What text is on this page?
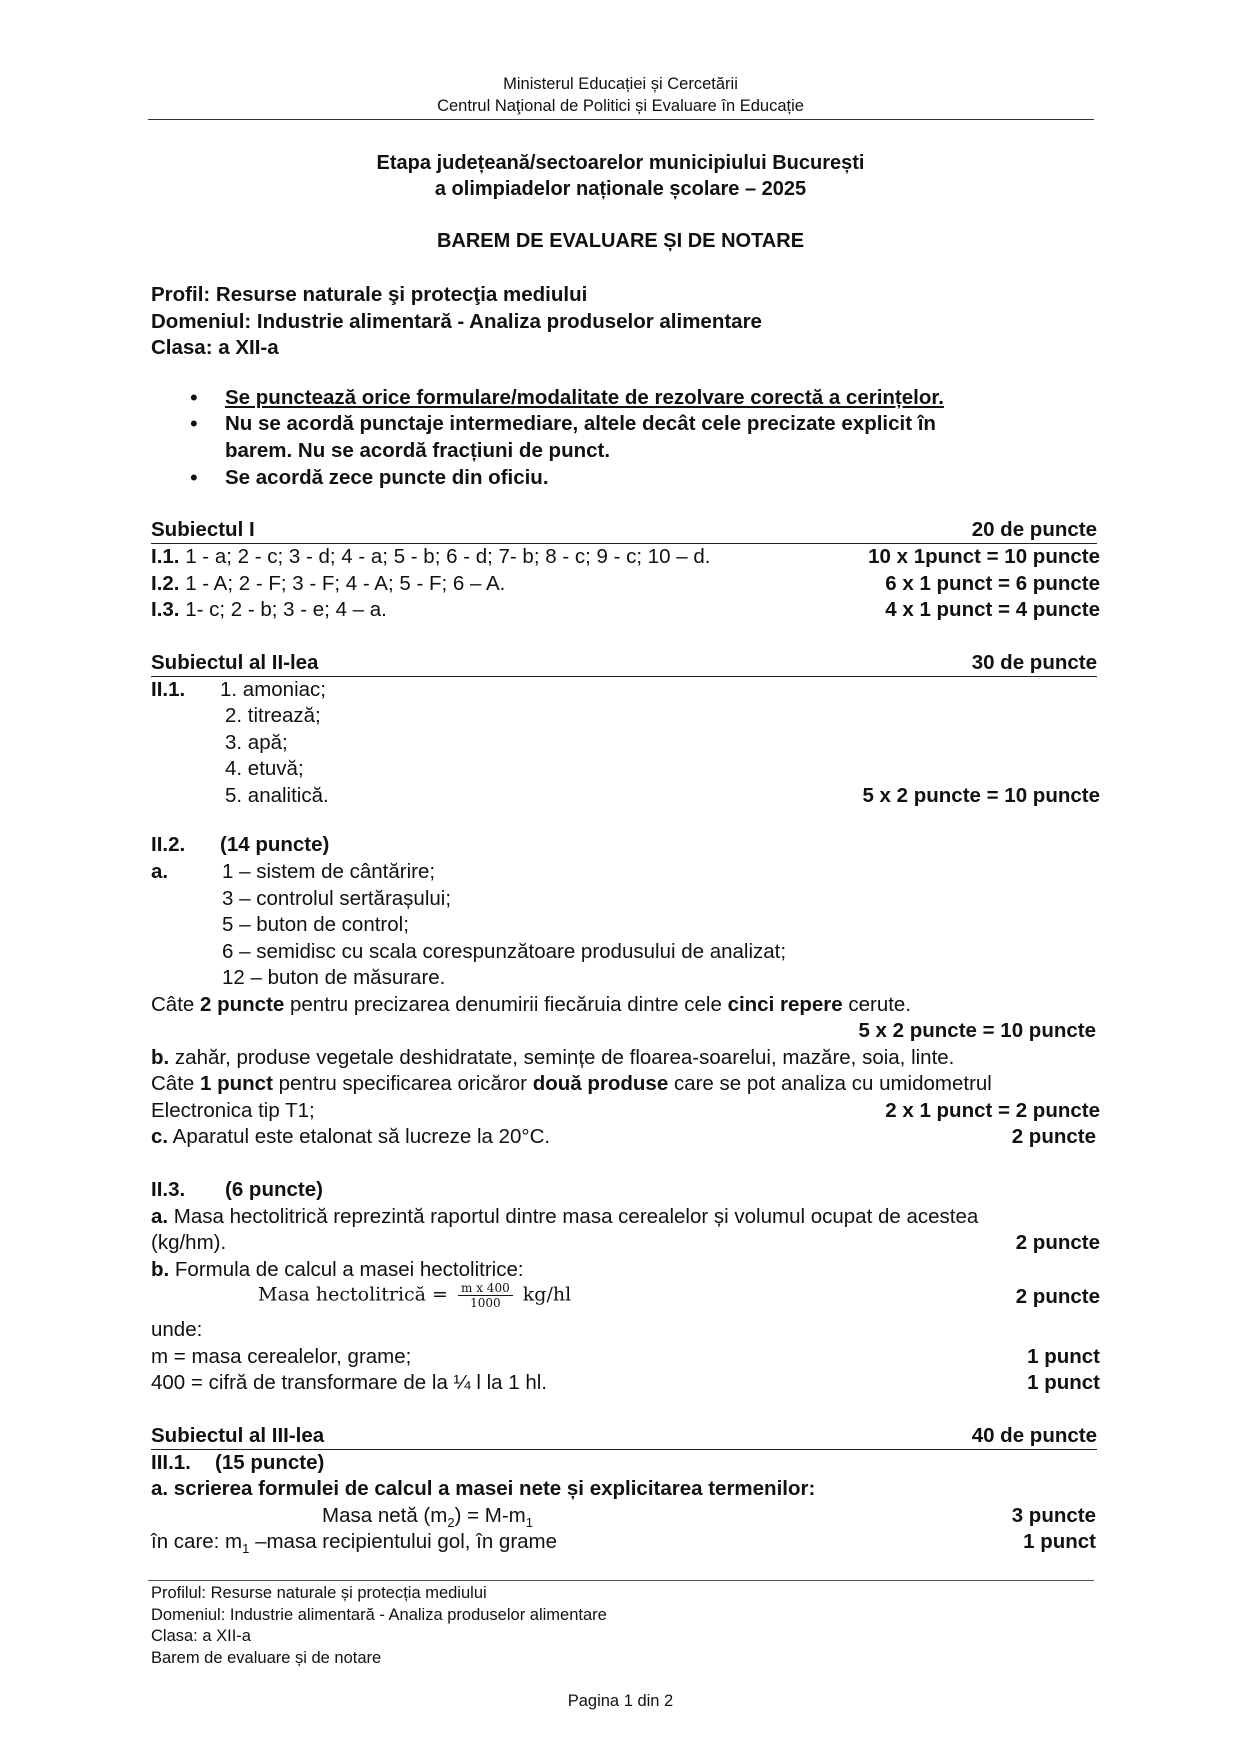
Ministerul Educației și Cercetării
Centrul Naţional de Politici și Evaluare în Educație
Etapa județeană/sectoarelor municipiului București
a olimpiadelor naționale școlare – 2025
BAREM DE EVALUARE ȘI DE NOTARE
Profil: Resurse naturale şi protecţia mediului
Domeniul: Industrie alimentară - Analiza produselor alimentare
Clasa: a XII-a
• Se punctează orice formulare/modalitate de rezolvare corectă a cerințelor.
• Nu se acordă punctaje intermediare, altele decât cele precizate explicit în
barem. Nu se acordă fracțiuni de punct.
• Se acordă zece puncte din oficiu.
Subiectul I	20 de puncte
I.1. 1 - a; 2 - c; 3 - d; 4 - a; 5 - b; 6 - d; 7- b; 8 - c; 9 - c; 10 – d.	10 x 1punct = 10 puncte
I.2. 1 - A; 2 - F; 3 - F; 4 - A; 5 - F; 6 – A.	6 x 1 punct = 6 puncte
I.3. 1- c; 2 - b; 3 - e; 4 – a.	4 x 1 punct = 4 puncte
Subiectul al II-lea	30 de puncte
II.1. 1. amoniac;
2. titrează;
3. apă;
4. etuvă;
5. analitică.	5 x 2 puncte = 10 puncte
II.2. (14 puncte)
a.	1 – sistem de cântărire;
3 – controlul sertărașului;
5 – buton de control;
6 – semidisc cu scala corespunzătoare produsului de analizat;
12 – buton de măsurare.
Câte 2 puncte pentru precizarea denumirii fiecăruia dintre cele cinci repere cerute.
5 x 2 puncte = 10 puncte
b. zahăr, produse vegetale deshidratate, semințe de floarea-soarelui, mazăre, soia, linte.
Câte 1 punct pentru specificarea oricăror două produse care se pot analiza cu umidometrul
Electronica tip T1;	2 x 1 punct = 2 puncte
c. Aparatul este etalonat să lucreze la 20°C.	2 puncte
II.3. (6 puncte)
a. Masa hectolitrică reprezintă raportul dintre masa cerealelor și volumul ocupat de acestea
(kg/hm).	2 puncte
b. Formula de calcul a masei hectolitrice:
Masa hectolitrică = $\frac{\text{m x 400}}{1000} kg/hl$	2 puncte
unde:
m = masa cerealelor, grame;	1 punct
400 = cifră de transformare de la ¼ l la 1 hl.	1 punct
Subiectul al III-lea	40 de puncte
III.1. (15 puncte)
a. scrierea formulei de calcul a masei nete și explicitarea termenilor:
Masa netă $(m_2) = M-m_1$	3 puncte
în care: $m_1$ –masa recipientului gol, în grame	1 punct
Profilul: Resurse naturale și protecția mediului
Domeniul: Industrie alimentară - Analiza produselor alimentare
Clasa: a XII-a
Barem de evaluare și de notare
Pagina 1 din 2
